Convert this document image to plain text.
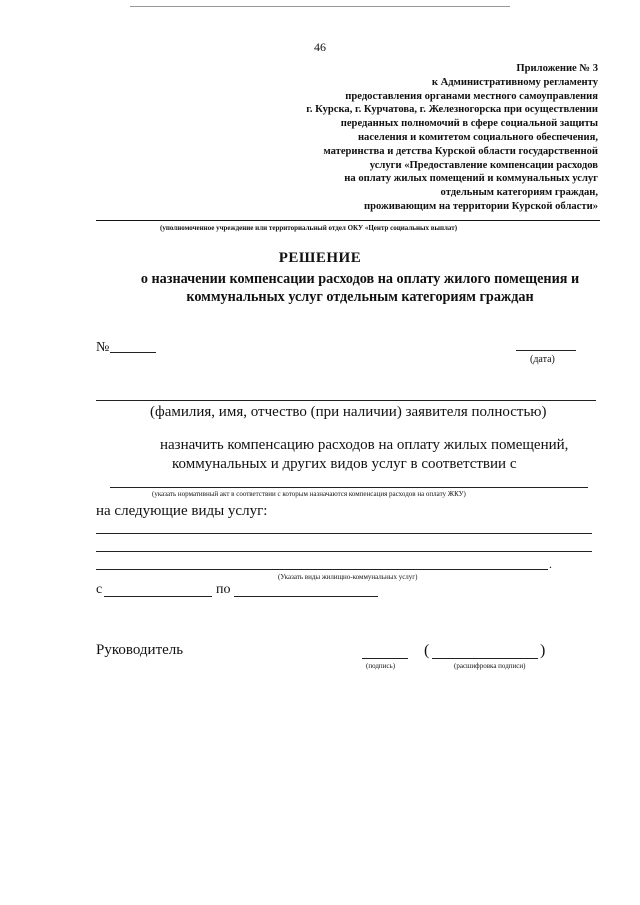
46
Приложение № 3
к Административному регламенту
предоставления органами местного самоуправления
г. Курска, г. Курчатова, г. Железногорска при осуществлении
переданных полномочий в сфере социальной защиты
населения и комитетом социального обеспечения,
материнства и детства Курской области государственной
услуги «Предоставление компенсации расходов
на оплату жилых помещений и коммунальных услуг
отдельным категориям граждан,
проживающим на территории Курской области»
(уполномоченное учреждение или территориальный отдел ОКУ «Центр социальных выплат)
РЕШЕНИЕ
о назначении компенсации расходов на оплату жилого помещения и
коммунальных услуг отдельным категориям граждан
№
(дата)
(фамилия, имя, отчество (при наличии) заявителя полностью)
назначить компенсацию расходов на оплату жилых помещений,
коммунальных и других видов услуг в соответствии с
(указать нормативный акт в соответствии с которым назначаются компенсация расходов на оплату ЖКУ)
на следующие виды услуг:
.
(Указать виды жилищно-коммунальных услуг)
с	по
Руководитель
(подпись)
(	)
(расшифровка подписи)
